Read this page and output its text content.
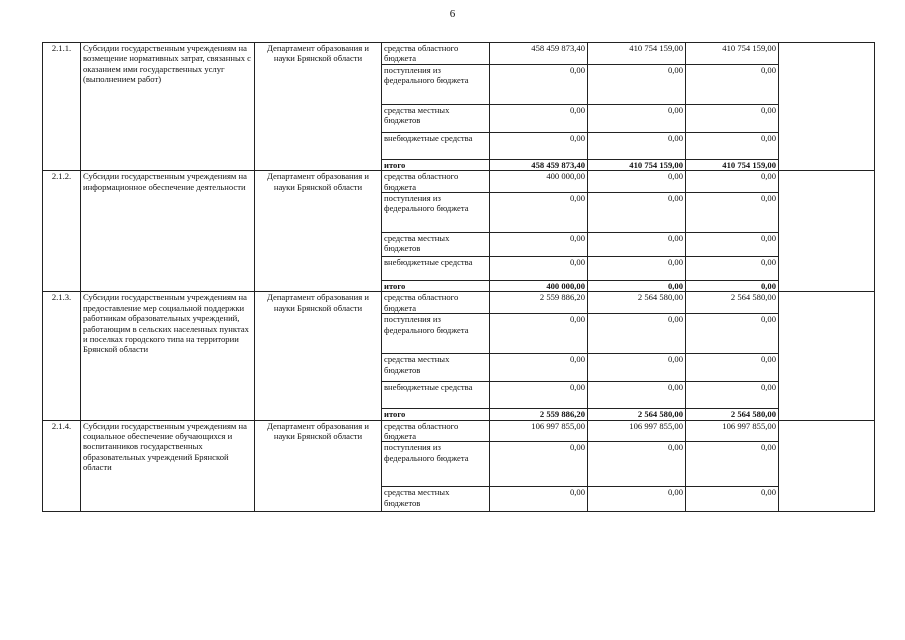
6
2.1.1.	Субсидии государственным учреждениям на возмещение нормативных затрат, связанных с оказанием ими государственных услуг (выполнением работ)	Департамент образования и науки Брянской области	средства областного бюджета	458 459 873,40	410 754 159,00	410 754 159,00	
			поступления из федерального бюджета	0,00	0,00	0,00	
			средства местных бюджетов	0,00	0,00	0,00	
			внебюджетные средства	0,00	0,00	0,00	
			итого	458 459 873,40	410 754 159,00	410 754 159,00	
2.1.2.	Субсидии государственным учреждениям на информационное обеспечение деятельности	Департамент образования и науки Брянской области	средства областного бюджета	400 000,00	0,00	0,00	
			поступления из федерального бюджета	0,00	0,00	0,00	
			средства местных бюджетов	0,00	0,00	0,00	
			внебюджетные средства	0,00	0,00	0,00	
			итого	400 000,00	0,00	0,00	
2.1.3.	Субсидии государственным учреждениям на предоставление мер социальной поддержки работникам образовательных учреждений, работающим в сельских населенных пунктах и поселках городского типа на территории Брянской области	Департамент образования и науки Брянской области	средства областного бюджета	2 559 886,20	2 564 580,00	2 564 580,00	
			поступления из федерального бюджета	0,00	0,00	0,00	
			средства местных бюджетов	0,00	0,00	0,00	
			внебюджетные средства	0,00	0,00	0,00	
			итого	2 559 886,20	2 564 580,00	2 564 580,00	
2.1.4.	Субсидии государственным учреждениям на социальное обеспечение обучающихся и воспитанников государственных образовательных учреждений Брянской области	Департамент образования и науки Брянской области	средства областного бюджета	106 997 855,00	106 997 855,00	106 997 855,00	
			поступления из федерального бюджета	0,00	0,00	0,00	
			средства местных бюджетов	0,00	0,00	0,00	
